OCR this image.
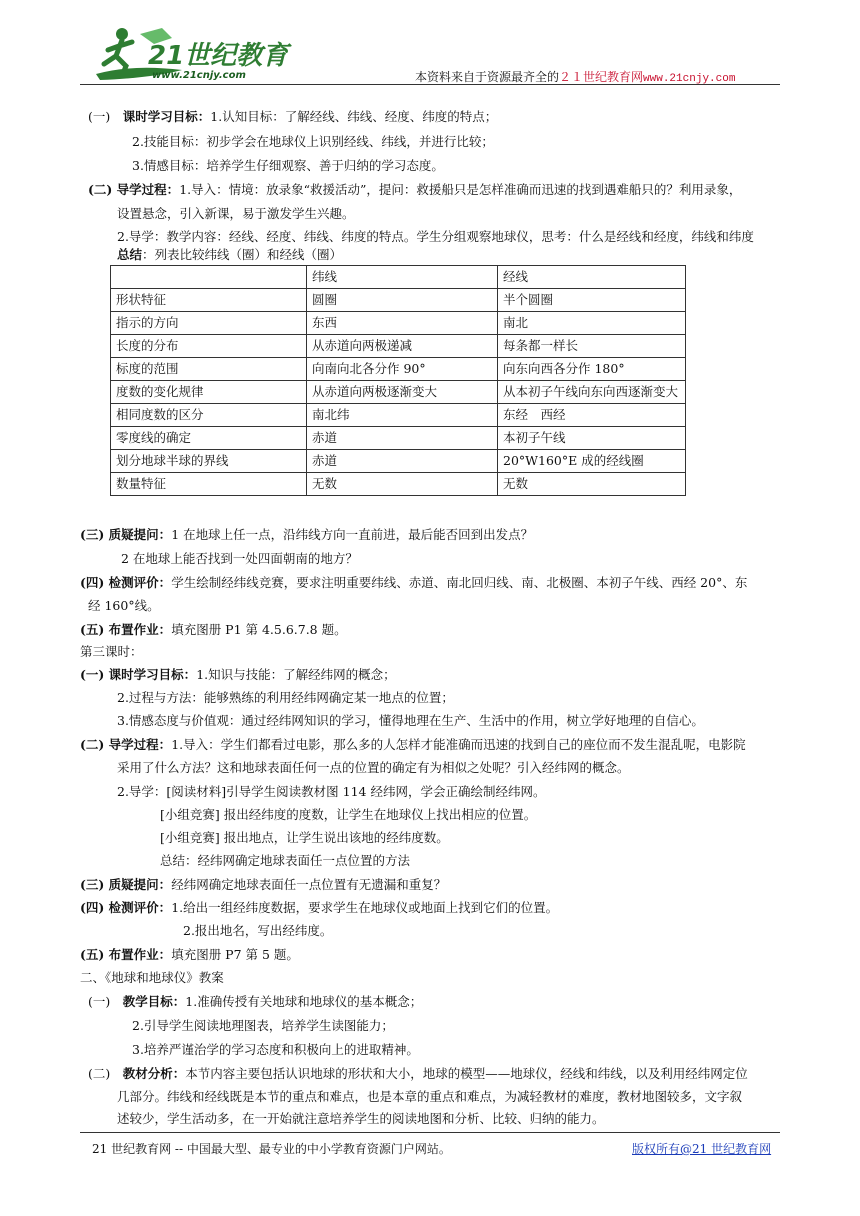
21世纪教育
www.21cnjy.com	本资料来自于资源最齐全的２１世纪教育网www.21cnjy.com
(一)　 课时学习目标：1.认知目标：了解经线、纬线、经度、纬度的特点；
2.技能目标：初步学会在地球仪上识别经线、纬线，并进行比较；
3.情感目标：培养学生仔细观察、善于归纳的学习态度。
(二) 导学过程：1.导入：情境：放录象“救援活动”，提问：救援船只是怎样准确而迅速的找到遇难船只的？利用录象，
设置悬念，引入新课，易于激发学生兴趣。
2.导学：教学内容：经线、经度、纬线、纬度的特点。学生分组观察地球仪，思考：什么是经线和经度，纬线和纬度
总结：列表比较纬线（圈）和经线（圈）
	纬线	经线
形状特征	圆圈	半个圆圈
指示的方向	东西	南北
长度的分布	从赤道向两极递减	每条都一样长
标度的范围	向南向北各分作 90°	向东向西各分作 180°
度数的变化规律	从赤道向两极逐渐变大	从本初子午线向东向西逐渐变大
相同度数的区分	南北纬	东经　西经
零度线的确定	赤道	本初子午线
划分地球半球的界线	赤道	20°W160°E 成的经线圈
数量特征	无数	无数
(三) 质疑提问：1 在地球上任一点，沿纬线方向一直前进，最后能否回到出发点？
2 在地球上能否找到一处四面朝南的地方？
(四) 检测评价：学生绘制经纬线竞赛，要求注明重要纬线、赤道、南北回归线、南、北极圈、本初子午线、西经 20°、东
经 160°线。
(五) 布置作业：填充图册 P1 第 4.5.6.7.8 题。
第三课时：
(一) 课时学习目标：1.知识与技能：了解经纬网的概念；
2.过程与方法：能够熟练的利用经纬网确定某一地点的位置；
3.情感态度与价值观：通过经纬网知识的学习，懂得地理在生产、生活中的作用，树立学好地理的自信心。
(二) 导学过程：1.导入：学生们都看过电影，那么多的人怎样才能准确而迅速的找到自己的座位而不发生混乱呢，电影院
采用了什么方法？这和地球表面任何一点的位置的确定有为相似之处呢？引入经纬网的概念。
2.导学：[阅读材料]引导学生阅读教材图 114 经纬网，学会正确绘制经纬网。
[小组竞赛] 报出经纬度的度数，让学生在地球仪上找出相应的位置。
[小组竞赛] 报出地点，让学生说出该地的经纬度数。
总结：经纬网确定地球表面任一点位置的方法
(三) 质疑提问：经纬网确定地球表面任一点位置有无遗漏和重复？
(四) 检测评价：1.给出一组经纬度数据，要求学生在地球仪或地面上找到它们的位置。
2.报出地名，写出经纬度。
(五) 布置作业：填充图册 P7 第 5 题。
二、《地球和地球仪》教案
(一)　 教学目标：1.准确传授有关地球和地球仪的基本概念；
2.引导学生阅读地理图表，培养学生读图能力；
3.培养严谨治学的学习态度和积极向上的进取精神。
(二)　 教材分析：本节内容主要包括认识地球的形状和大小，地球的模型——地球仪，经线和纬线，以及利用经纬网定位
几部分。纬线和经线既是本节的重点和难点，也是本章的重点和难点，为减轻教材的难度，教材地图较多，文字叙
述较少，学生活动多，在一开始就注意培养学生的阅读地图和分析、比较、归纳的能力。
21 世纪教育网 -- 中国最大型、最专业的中小学教育资源门户网站。	版权所有@21 世纪教育网
